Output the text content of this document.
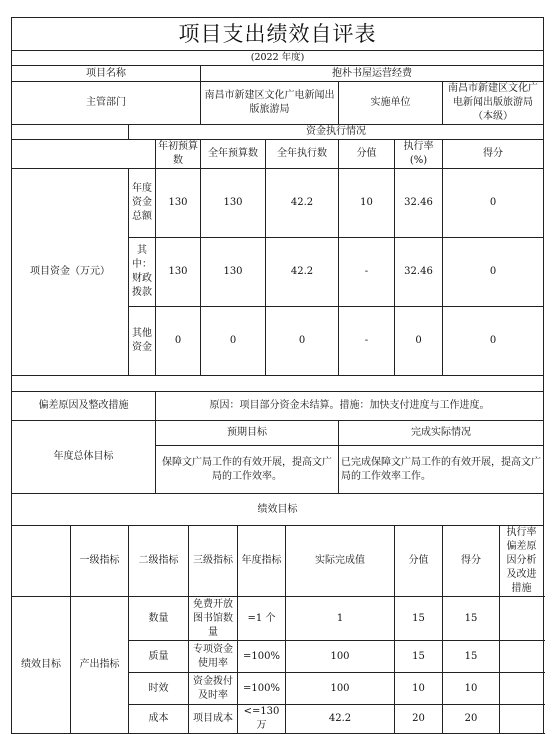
项目支出绩效自评表												
(2022 年度)												
项目名称					抱朴书屋运营经费							
主管部门					南昌市新建区文化广电新闻出版旅游局				实施单位		南昌市新建区文化广电新闻出版旅游局（本级）	
		资金执行情况										
			年初预算数		全年预算数		全年执行数		分值	执行率(%)	得分	
项目资金（万元）		年度资金总额	130		130		42.2		10	32.46	0	
		其中：财政拨款	130		130		42.2		-	32.46	0	
		其他资金	0		0		0		-	0	0	

偏差原因及整改措施			原因：项目部分资金未结算。措施：加快支付进度与工作进度。									
年度总体目标			预期目标						完成实际情况			
			保障文广局工作的有效开展，提高文广局的工作效率。						已完成保障文广局工作的有效开展，提高文广局的工作效率工作。			
绩效目标												
	一级指标	二级指标		三级指标		年度指标		实际完成值		分值	得分	执行率偏差原因分析及改进措施
绩效目标	产出指标	数量		免费开放图书馆数量		=1 个		1		15	15	
		质量		专项资金使用率		=100%		100		15	15	
		时效		资金拨付及时率		=100%		100		10	10	
		成本		项目成本		<=130 万		42.2		20	20	
